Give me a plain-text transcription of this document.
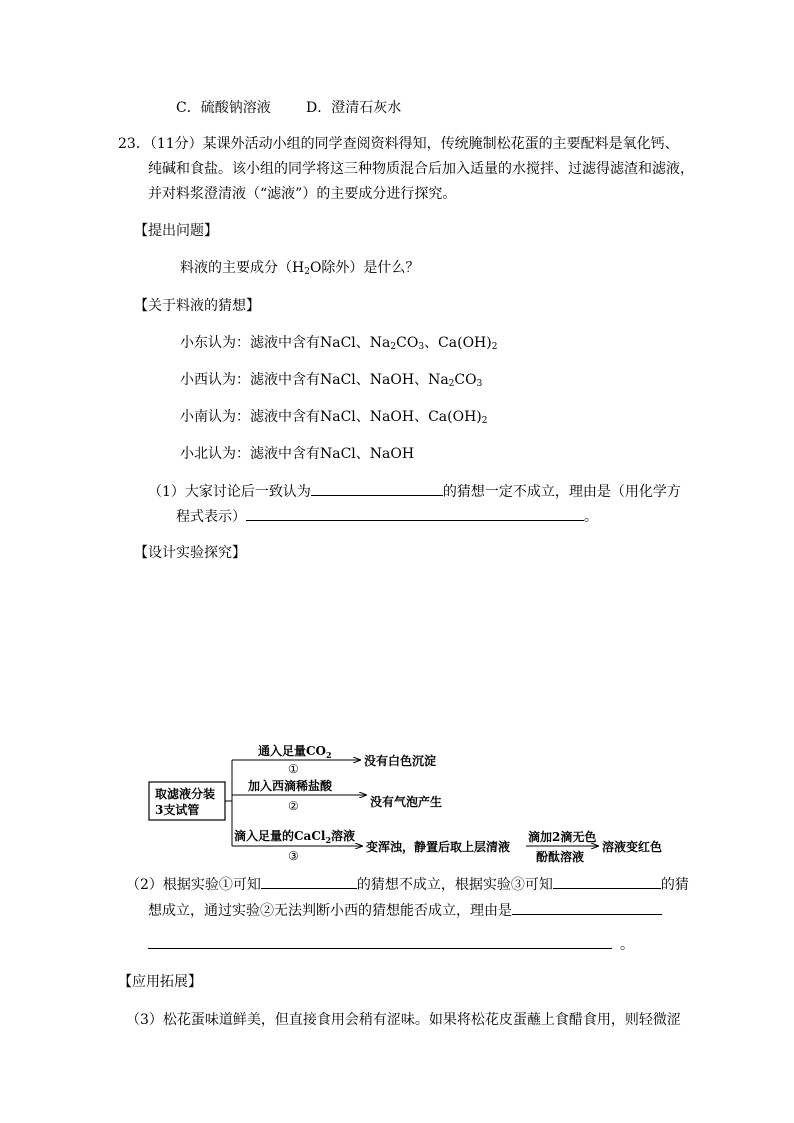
C．硫酸钠溶液	D．澄清石灰水
23．（11分）某课外活动小组的同学查阅资料得知，传统腌制松花蛋的主要配料是氧化钙、
纯碱和食盐。该小组的同学将这三种物质混合后加入适量的水搅拌、过滤得滤渣和滤液，
并对料浆澄清液（“滤液”）的主要成分进行探究。
【提出问题】
料液的主要成分（$H_2O$除外）是什么？
【关于料液的猜想】
小东认为：滤液中含有NaCl、$Na_2CO_3$、$Ca(OH)_2$
小西认为：滤液中含有NaCl、NaOH、$Na_2CO_3$
小南认为：滤液中含有NaCl、NaOH、$Ca(OH)_2$
小北认为：滤液中含有NaCl、NaOH
（1）大家讨论后一致认为	的猜想一定不成立，理由是（用化学方
程式表示）	。
【设计实验探究】
取滤液分装
3支试管
通入足量$CO_2$
①
没有白色沉淀
加入西滴稀盐酸
②	没有气泡产生
滴入足量的CaCl$_2$溶液
③
变浑浊，静置后取上层清液
滴加2滴无色
酚酞溶液
溶液变红色
（2）根据实验①可知	的猜想不成立，根据实验③可知	的猜
想成立，通过实验②无法判断小西的猜想能否成立，理由是
。
【应用拓展】
（3）松花蛋味道鲜美，但直接食用会稍有涩味。如果将松花皮蛋蘸上食醋食用，则轻微涩
